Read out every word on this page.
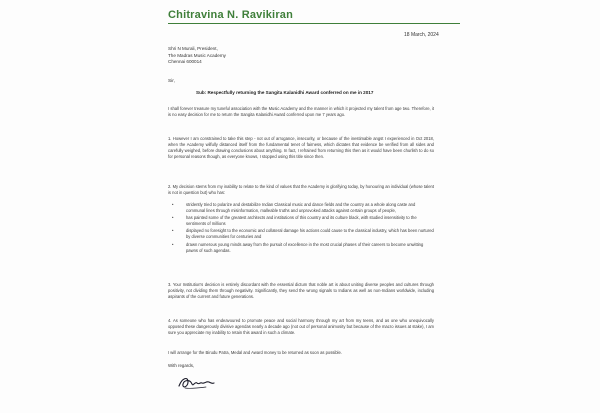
Chitravina N. Ravikiran
18 March, 2024
Shri N Murali, President,
The Madras Music Academy
Chennai 600014
Sir,
Sub: Respectfully returning the Sangita Kalanidhi Award conferred on me in 2017
I shall forever treasure my tuneful association with the Music Academy and the manner in which it projected my talent from age two. Therefore, it is no easy decision for me to return the Sangita Kalanidhi Award conferred upon me 7 years ago.
1. However I am constrained to take this step - not out of arrogance, insecurity, or because of the inestimable angst I experienced in Oct 2018, when the Academy wilfully distanced itself from the fundamental tenet of fairness, which dictates that evidence be verified from all sides and carefully weighed, before drawing conclusions about anything. In fact, I refrained from returning this then as it would have been churlish to do so for personal reasons though, as everyone knows, I stopped using this title since then.
2. My decision stems from my inability to relate to the kind of values that the Academy is glorifying today, by honouring an individual (whose talent is not in question but) who has:
•	stridently tried to polarize and destabilize Indian Classical music and dance fields and the country as a whole along caste and communal lines through misinformation, malleable truths and unprovoked attacks against certain groups of people,
•	has painted some of the greatest architects and institutions of this country and its culture black, with studied insensitivity to the sentiments of millions
•	displayed no foresight to the economic and collateral damage his actions could cause to the classical industry, which has been nurtured by diverse communities for centuries and
•	drawn numerous young minds away from the pursuit of excellence in the most crucial phases of their careers to become unwitting pawns of such agendas.
3. Your Institution's decision is entirely discordant with the essential dictum that noble art is about uniting diverse peoples and cultures through positivity, not dividing them through negativity. Significantly, they send the wrong signals to Indians as well as non-Indians worldwide, including aspirants of the current and future generations.
4. As someone who has endeavoured to promote peace and social harmony through my art from my teens, and as one who unequivocally opposed these dangerously divisive agendas nearly a decade ago (not out of personal animosity but because of the macro issues at stake), I am sure you appreciate my inability to retain this award in such a climate.
I will arrange for the Birudu Patra, Medal and Award money to be returned as soon as possible.
With regards,
